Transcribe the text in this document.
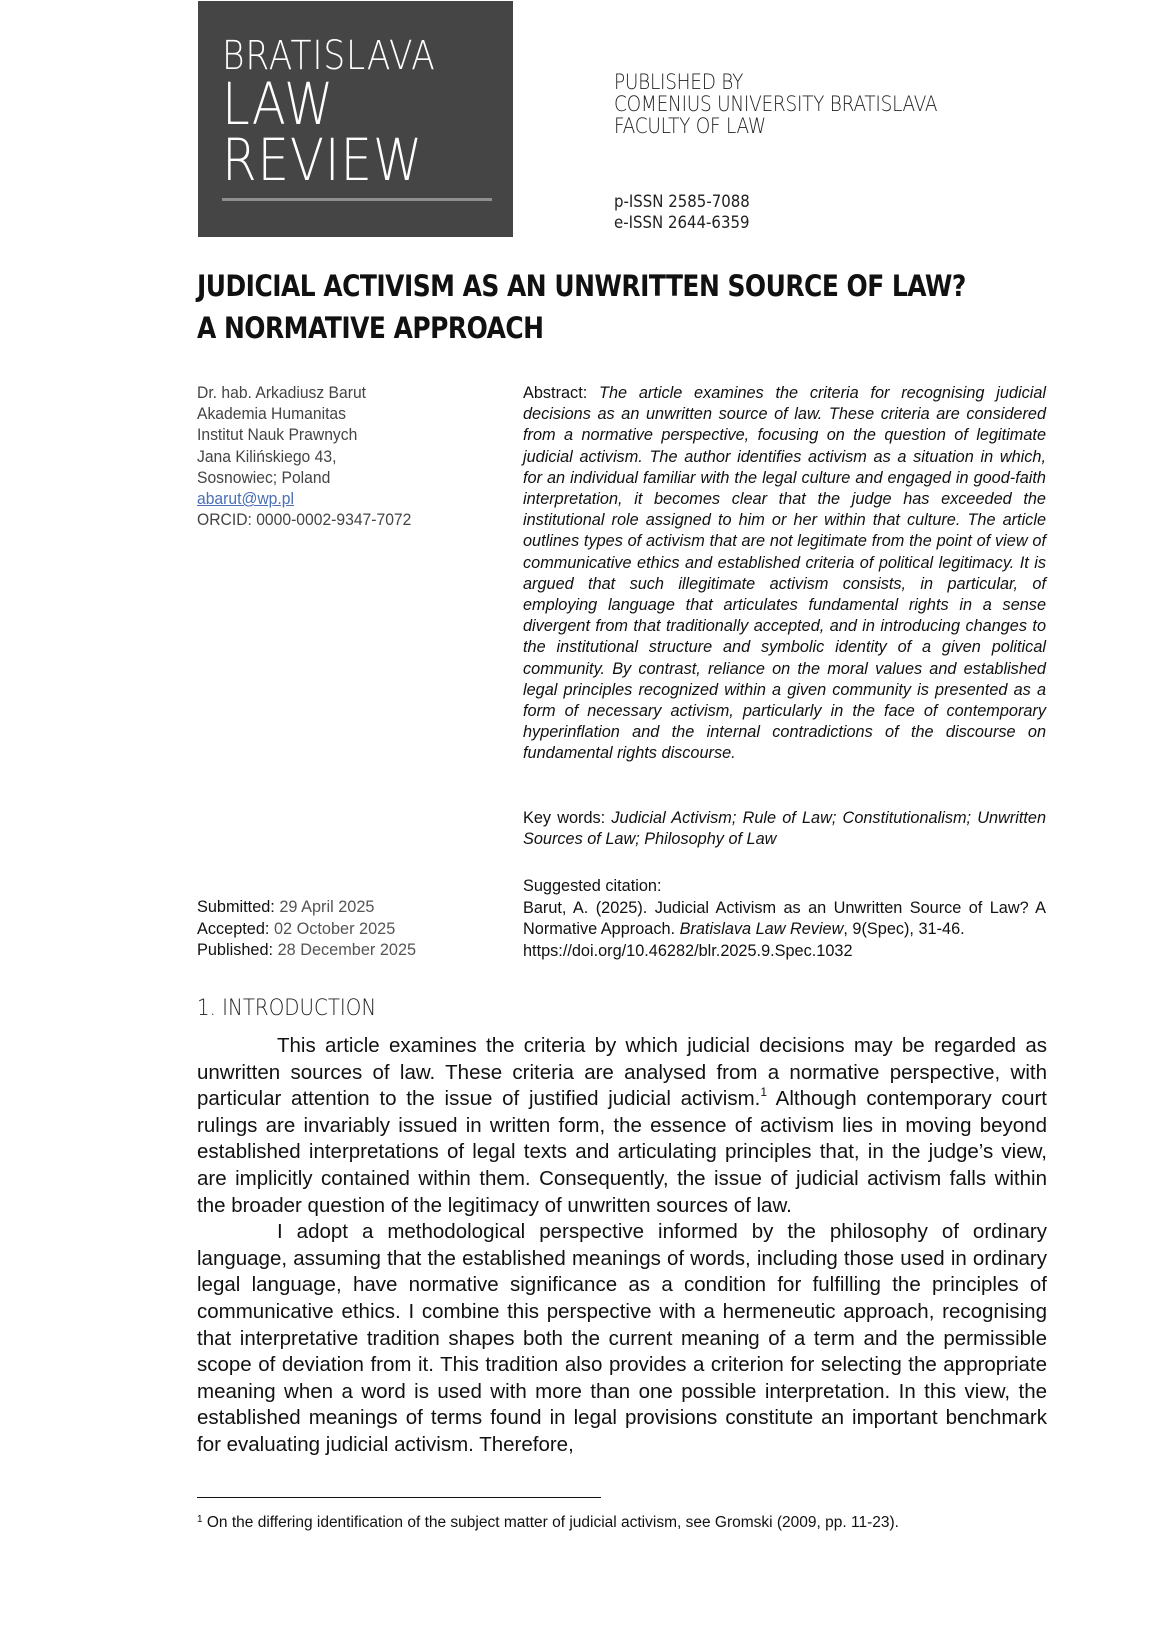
BRATISLAVA
LAW
REVIEW
PUBLISHED BY
COMENIUS UNIVERSITY BRATISLAVA
FACULTY OF LAW
p-ISSN 2585-7088
e-ISSN 2644-6359
JUDICIAL ACTIVISM AS AN UNWRITTEN SOURCE OF LAW?
A NORMATIVE APPROACH
Dr. hab. Arkadiusz Barut
Akademia Humanitas
Institut Nauk Prawnych
Jana Kilińskiego 43,
Sosnowiec; Poland
abarut@wp.pl
ORCID: 0000-0002-9347-7072
Abstract: The article examines the criteria for recognising judicial decisions as an unwritten source of law. These criteria are considered from a normative perspective, focusing on the question of legitimate judicial activism. The author identifies activism as a situation in which, for an individual familiar with the legal culture and engaged in good-faith interpretation, it becomes clear that the judge has exceeded the institutional role assigned to him or her within that culture. The article outlines types of activism that are not legitimate from the point of view of communicative ethics and established criteria of political legitimacy. It is argued that such illegitimate activism consists, in particular, of employing language that articulates fundamental rights in a sense divergent from that traditionally accepted, and in introducing changes to the institutional structure and symbolic identity of a given political community. By contrast, reliance on the moral values and established legal principles recognized within a given community is presented as a form of necessary activism, particularly in the face of contemporary hyperinflation and the internal contradictions of the discourse on fundamental rights discourse.
Key words: Judicial Activism; Rule of Law; Constitutionalism; Unwritten Sources of Law; Philosophy of Law
Suggested citation:
Barut, A. (2025). Judicial Activism as an Unwritten Source of Law? A Normative Approach. Bratislava Law Review, 9(Spec), 31-46.
https://doi.org/10.46282/blr.2025.9.Spec.1032
Submitted: 29 April 2025
Accepted: 02 October 2025
Published: 28 December 2025
1. INTRODUCTION

This article examines the criteria by which judicial decisions may be regarded as unwritten sources of law. These criteria are analysed from a normative perspective, with particular attention to the issue of justified judicial activism.$^1$ Although contemporary court rulings are invariably issued in written form, the essence of activism lies in moving beyond established interpretations of legal texts and articulating principles that, in the judge’s view, are implicitly contained within them. Consequently, the issue of judicial activism falls within the broader question of the legitimacy of unwritten sources of law.

I adopt a methodological perspective informed by the philosophy of ordinary language, assuming that the established meanings of words, including those used in ordinary legal language, have normative significance as a condition for fulfilling the principles of communicative ethics. I combine this perspective with a hermeneutic approach, recognising that interpretative tradition shapes both the current meaning of a term and the permissible scope of deviation from it. This tradition also provides a criterion for selecting the appropriate meaning when a word is used with more than one possible interpretation. In this view, the established meanings of terms found in legal provisions constitute an important benchmark for evaluating judicial activism. Therefore,

$^1$ On the differing identification of the subject matter of judicial activism, see Gromski (2009, pp. 11-23).
